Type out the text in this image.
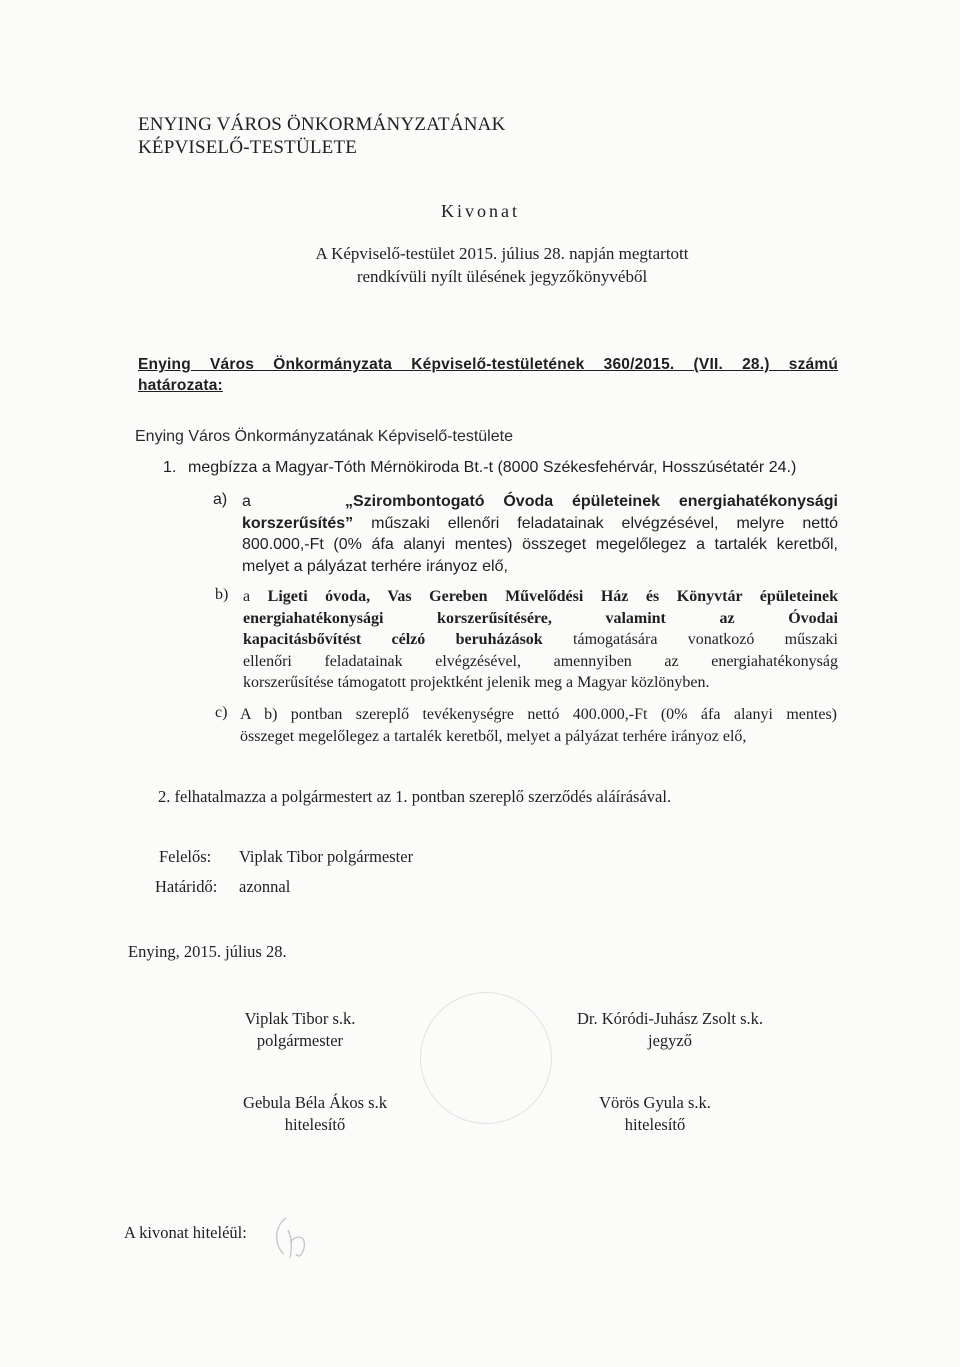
ENYING VÁROS ÖNKORMÁNYZATÁNAK
KÉPVISELŐ-TESTÜLETE
Kivonat
A Képviselő-testület 2015. július 28. napján megtartott
rendkívüli nyílt ülésének jegyzőkönyvéből
Enying Város Önkormányzata Képviselő-testületének 360/2015. (VII. 28.) számú
határozata:
Enying Város Önkormányzatának Képviselő-testülete
1. megbízza a Magyar-Tóth Mérnökiroda Bt.-t (8000 Székesfehérvár, Hosszúsétatér 24.)
a) a	„Szirombontogató Óvoda épületeinek energiahatékonysági
korszerűsítés” műszaki ellenőri feladatainak elvégzésével, melyre nettó
800.000,-Ft (0% áfa alanyi mentes) összeget megelőlegez a tartalék keretből,
melyet a pályázat terhére irányoz elő,
b) a Ligeti óvoda, Vas Gereben Művelődési Ház és Könyvtár épületeinek
energiahatékonysági korszerűsítésére, valamint az Óvodai
kapacitásbővítést célzó beruházások támogatására vonatkozó műszaki
ellenőri feladatainak elvégzésével, amennyiben az energiahatékonyság
korszerűsítése támogatott projektként jelenik meg a Magyar közlönyben.
c) A b) pontban szereplő tevékenységre nettó 400.000,-Ft (0% áfa alanyi mentes)
összeget megelőlegez a tartalék keretből, melyet a pályázat terhére irányoz elő,
2. felhatalmazza a polgármestert az 1. pontban szereplő szerződés aláírásával.
Felelős: Viplak Tibor polgármester
Határidő: azonnal
Enying, 2015. július 28.
Viplak Tibor s.k.
polgármester
Dr. Kóródi-Juhász Zsolt s.k.
jegyző
Gebula Béla Ákos s.k
hitelesítő
Vörös Gyula s.k.
hitelesítő
A kivonat hiteléül:
